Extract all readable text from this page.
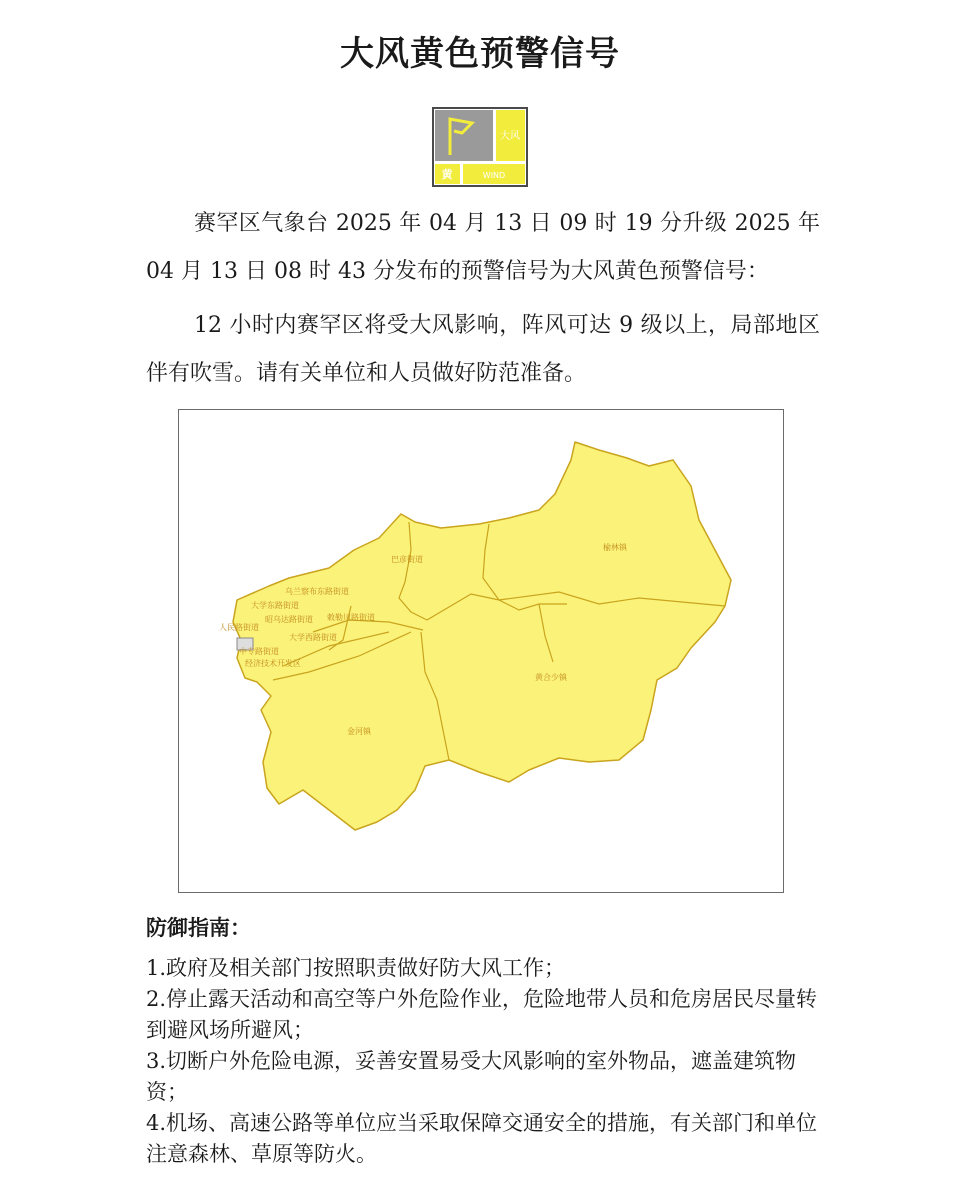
大风黄色预警信号
大风
黄	WIND

赛罕区气象台 2025 年 04 月 13 日 09 时 19 分升级 2025 年 04 月 13 日 08 时 43 分发布的预警信号为大风黄色预警信号：

12 小时内赛罕区将受大风影响，阵风可达 9 级以上，局部地区伴有吹雪。请有关单位和人员做好防范准备。

巴彦街道
榆林镇
黄合少镇
金河镇
敕勒川路街道
人民路街道
大学东路街道
乌兰察布东路街道
中专路街道
昭乌达路街道
大学西路街道
经济技术开发区
防御指南：
1.政府及相关部门按照职责做好防大风工作；
2.停止露天活动和高空等户外危险作业，危险地带人员和危房居民尽量转到避风场所避风；
3.切断户外危险电源，妥善安置易受大风影响的室外物品，遮盖建筑物资；
4.机场、高速公路等单位应当采取保障交通安全的措施，有关部门和单位注意森林、草原等防火。
